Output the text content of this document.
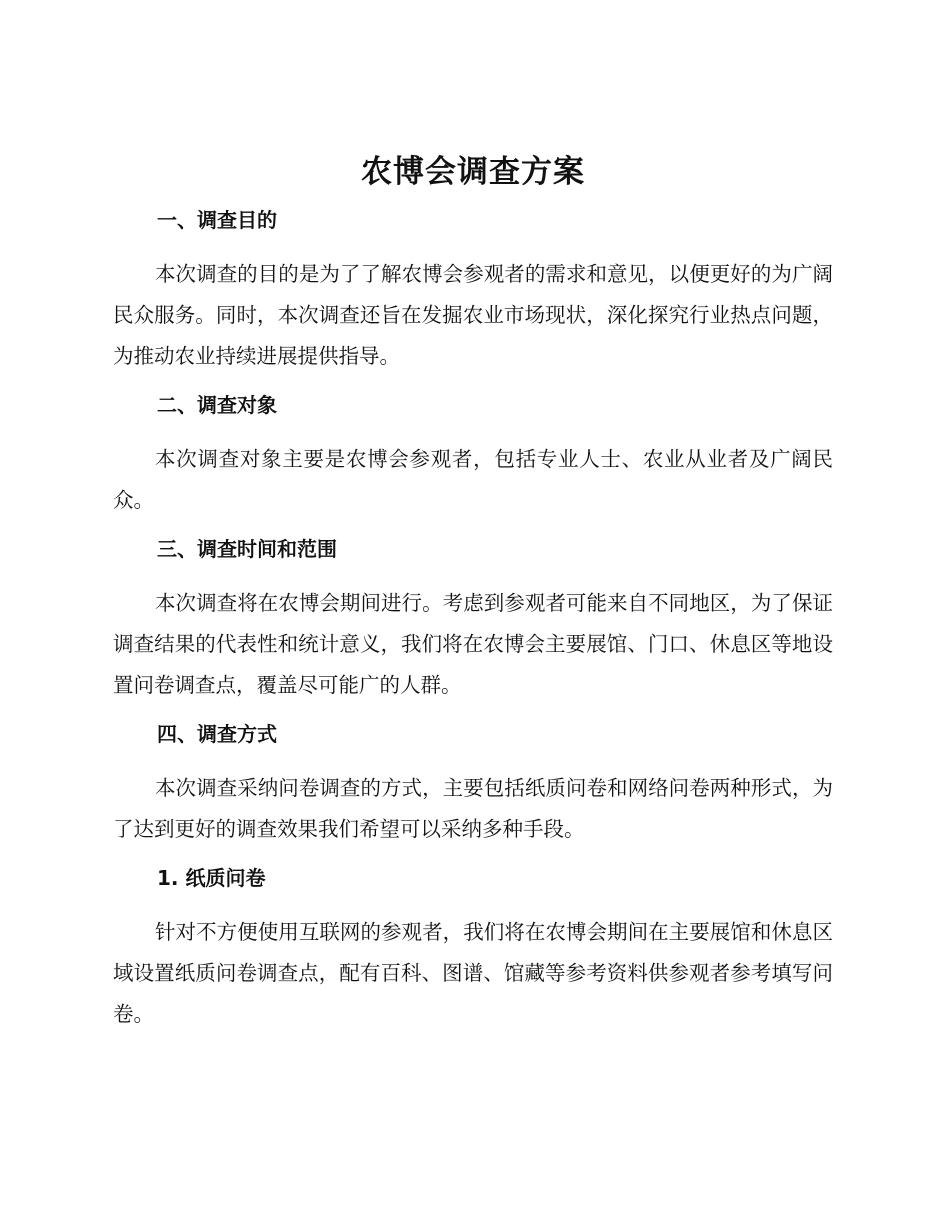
农博会调查方案
一、调查目的

本次调查的目的是为了了解农博会参观者的需求和意见，以便更好的为广阔民众服务。同时，本次调查还旨在发掘农业市场现状，深化探究行业热点问题，为推动农业持续进展提供指导。

二、调查对象

本次调查对象主要是农博会参观者，包括专业人士、农业从业者及广阔民众。

三、调查时间和范围

本次调查将在农博会期间进行。考虑到参观者可能来自不同地区，为了保证调查结果的代表性和统计意义，我们将在农博会主要展馆、门口、休息区等地设置问卷调查点，覆盖尽可能广的人群。

四、调查方式

本次调查采纳问卷调查的方式，主要包括纸质问卷和网络问卷两种形式，为了达到更好的调查效果我们希望可以采纳多种手段。

1. 纸质问卷

针对不方便使用互联网的参观者，我们将在农博会期间在主要展馆和休息区域设置纸质问卷调查点，配有百科、图谱、馆藏等参考资料供参观者参考填写问卷。
